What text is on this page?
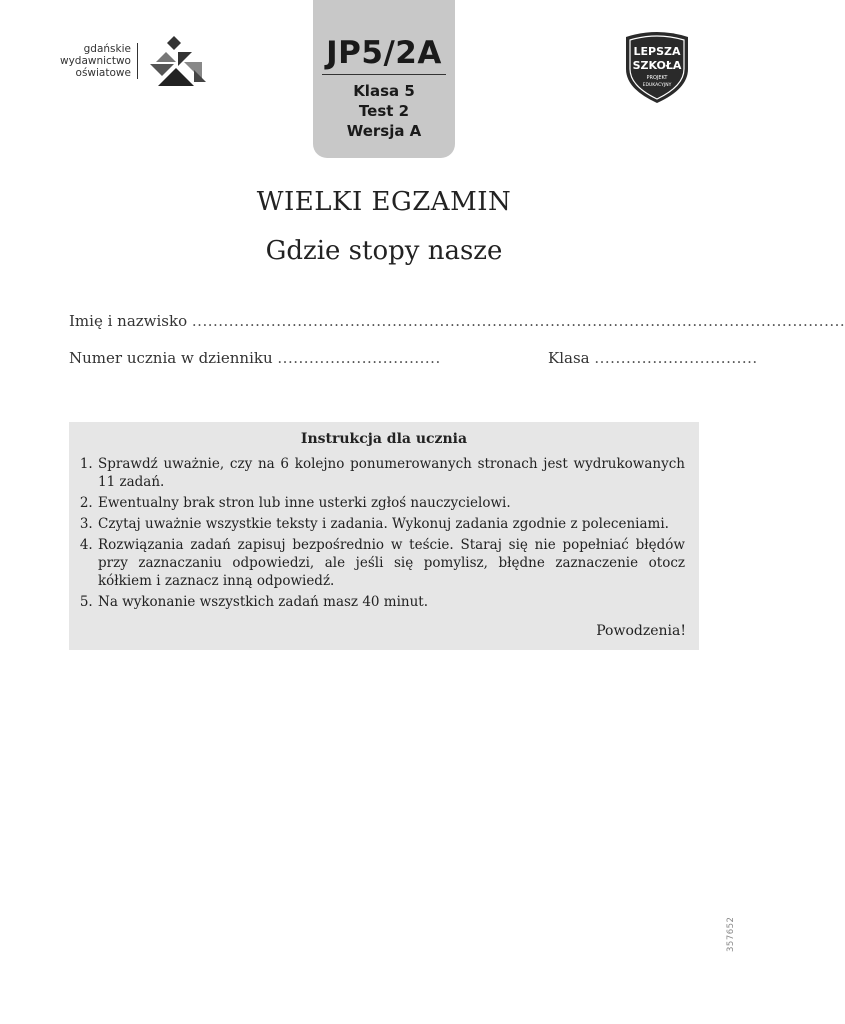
gdańskie
wydawnictwo
oświatowe
JP5/2A
Klasa 5
Test 2
Wersja A
LEPSZA
SZKOŁA
PROJEKT
EDUKACYJNY
WIELKI EGZAMIN
Gdzie stopy nasze
Imię i nazwisko ............................................................................................................................
Numer ucznia w dzienniku ...............................	Klasa ...............................
Instrukcja dla ucznia
1. Sprawdź uważnie, czy na 6 kolejno ponumerowanych stronach jest wydrukowanych 11 zadań.
2. Ewentualny brak stron lub inne usterki zgłoś nauczycielowi.
3. Czytaj uważnie wszystkie teksty i zadania. Wykonuj zadania zgodnie z poleceniami.
4. Rozwiązania zadań zapisuj bezpośrednio w teście. Staraj się nie popełniać błędów przy zaznaczaniu odpowiedzi, ale jeśli się pomylisz, błędne zaznaczenie otocz kółkiem i zaznacz inną odpowiedź.
5. Na wykonanie wszystkich zadań masz 40 minut.
Powodzenia!
357652
